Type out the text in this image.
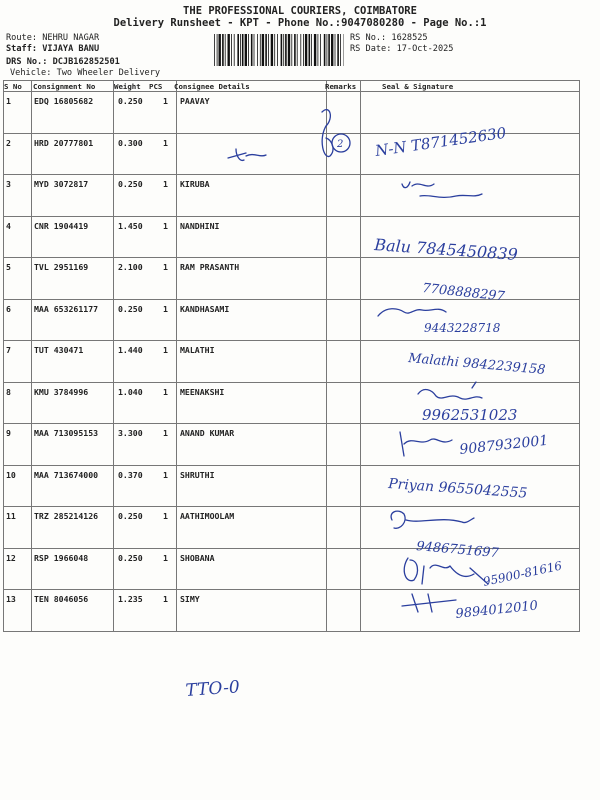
THE PROFESSIONAL COURIERS, COIMBATORE
Delivery Runsheet - KPT - Phone No.:9047080280 - Page No.:1
Route: NEHRU NAGAR
Staff: VIJAYA BANU
DRS No.: DCJB162852501
Vehicle: Two Wheeler Delivery
RS No.: 1628525
RS Date: 17-Oct-2025
S No Consignment No	Weight PCS Consignee Details	Remarks	Seal & Signature
1	EDQ 16805682	0.250 1 PAAVAY
2	HRD 20777801	0.300 1
3	MYD 3072817	0.250 1 KIRUBA
4	CNR 1904419	1.450 1 NANDHINI
5	TVL 2951169	2.100 1 RAM PRASANTH
6	MAA 653261177 0.250 1 KANDHASAMI
7	TUT 430471	1.440 1 MALATHI
8	KMU 3784996	1.040 1 MEENAKSHI
9	MAA 713095153 3.300 1 ANAND KUMAR
10 MAA 713674000 0.370 1 SHRUTHI
11 TRZ 285214126 0.250 1 AATHIMOOLAM
12 RSP 1966048	0.250 1 SHOBANA
13 TEN 8046056	1.235 1 SIMY
2 N-N T871452630
Balu 7845450839
7708888297
9443228718
Malathi 9842239158
9962531023
9087932001
Priyan 9655042555
9486751697
95900-81616
9894012010
TTO-0
